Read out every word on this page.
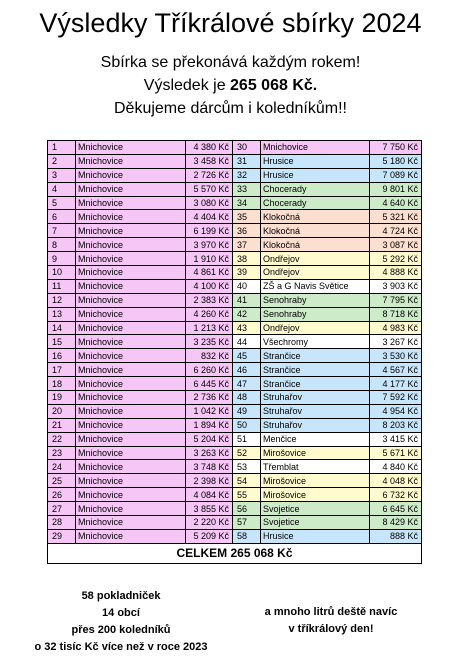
Výsledky Tříkrálové sbírky 2024
Sbírka se překonává každým rokem!
Výsledek je 265 068 Kč.
Děkujeme dárcům i koledníkům!!
1	Mnichovice	4 380 Kč	30	Mnichovice	7 750 Kč
2	Mnichovice	3 458 Kč	31	Hrusice	5 180 Kč
3	Mnichovice	2 726 Kč	32	Hrusice	7 089 Kč
4	Mnichovice	5 570 Kč	33	Chocerady	9 801 Kč
5	Mnichovice	3 080 Kč	34	Chocerady	4 640 Kč
6	Mnichovice	4 404 Kč	35	Klokočná	5 321 Kč
7	Mnichovice	6 199 Kč	36	Klokočná	4 724 Kč
8	Mnichovice	3 970 Kč	37	Klokočná	3 087 Kč
9	Mnichovice	1 910 Kč	38	Ondřejov	5 292 Kč
10	Mnichovice	4 861 Kč	39	Ondřejov	4 888 Kč
11	Mnichovice	4 100 Kč	40	ZŠ a G Navis Světice	3 903 Kč
12	Mnichovice	2 383 Kč	41	Senohraby	7 795 Kč
13	Mnichovice	4 260 Kč	42	Senohraby	8 718 Kč
14	Mnichovice	1 213 Kč	43	Ondřejov	4 983 Kč
15	Mnichovice	3 235 Kč	44	Všechromy	3 267 Kč
16	Mnichovice	832 Kč	45	Strančice	3 530 Kč
17	Mnichovice	6 260 Kč	46	Strančice	4 567 Kč
18	Mnichovice	6 445 Kč	47	Strančice	4 177 Kč
19	Mnichovice	2 736 Kč	48	Struhařov	7 592 Kč
20	Mnichovice	1 042 Kč	49	Struhařov	4 954 Kč
21	Mnichovice	1 894 Kč	50	Struhařov	8 203 Kč
22	Mnichovice	5 204 Kč	51	Menčice	3 415 Kč
23	Mnichovice	3 263 Kč	52	Mirošovice	5 671 Kč
24	Mnichovice	3 748 Kč	53	Třemblat	4 840 Kč
25	Mnichovice	2 398 Kč	54	Mirošovice	4 048 Kč
26	Mnichovice	4 084 Kč	55	Mirošovice	6 732 Kč
27	Mnichovice	3 855 Kč	56	Svojetice	6 645 Kč
28	Mnichovice	2 220 Kč	57	Svojetice	8 429 Kč
29	Mnichovice	5 209 Kč	58	Hrusice	888 Kč
CELKEM 265 068 Kč					
58 pokladniček
14 obcí
přes 200 koledníků
o 32 tisíc Kč více než v roce 2023
a mnoho litrů deště navíc
v tříkrálový den!
